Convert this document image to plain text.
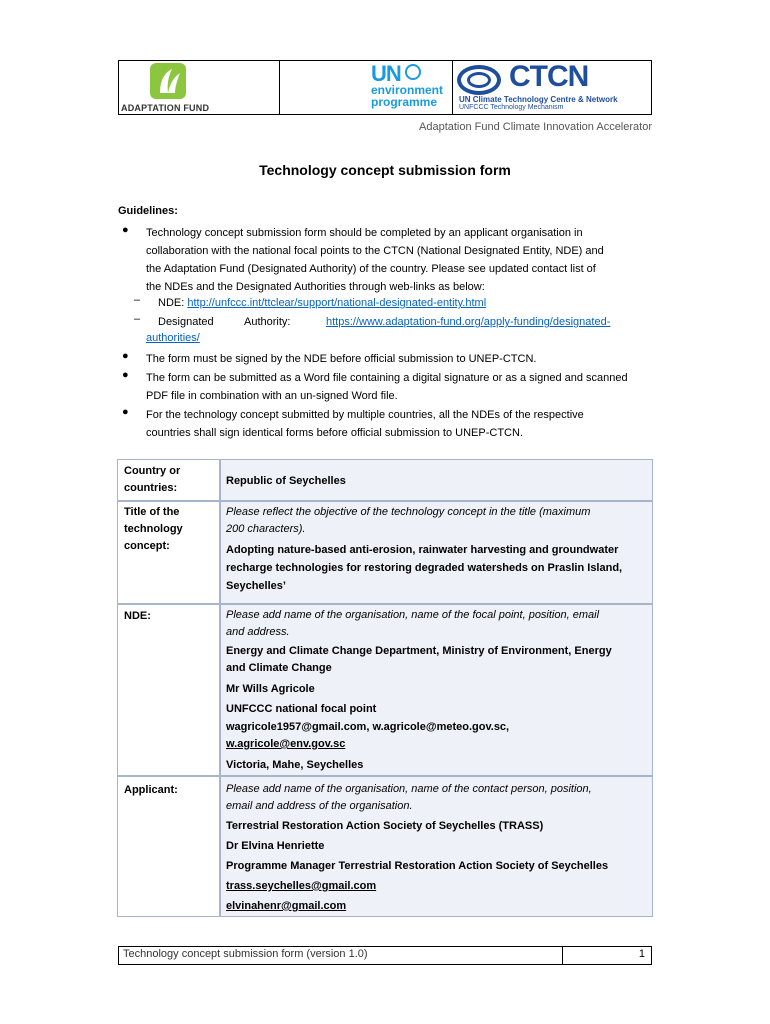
ADAPTATION FUND
UN
environment
programme
CTCN
UN Climate Technology Centre & Network
UNFCCC Technology Mechanism
Adaptation Fund Climate Innovation Accelerator
Technology concept submission form
Guidelines:
● Technology concept submission form should be completed by an applicant organisation in
collaboration with the national focal points to the CTCN (National Designated Entity, NDE) and
the Adaptation Fund (Designated Authority) of the country. Please see updated contact list of
the NDEs and the Designated Authorities through web-links as below:
– NDE: http://unfccc.int/ttclear/support/national-designated-entity.html
– Designated	Authority:	https://www.adaptation-fund.org/apply-funding/designated-
authorities/
● The form must be signed by the NDE before official submission to UNEP-CTCN.
● The form can be submitted as a Word file containing a digital signature or as a signed and scanned
PDF file in combination with an un-signed Word file.
● For the technology concept submitted by multiple countries, all the NDEs of the respective
countries shall sign identical forms before official submission to UNEP-CTCN.
Country or
countries:
Republic of Seychelles
Title of the
technology
concept:
Please reflect the objective of the technology concept in the title (maximum
200 characters).
Adopting nature-based anti-erosion, rainwater harvesting and groundwater
recharge technologies for restoring degraded watersheds on Praslin Island,
Seychelles’
NDE:	Please add name of the organisation, name of the focal point, position, email
and address.
Energy and Climate Change Department, Ministry of Environment, Energy
and Climate Change
Mr Wills Agricole
UNFCCC national focal point
wagricole1957@gmail.com, w.agricole@meteo.gov.sc,
w.agricole@env.gov.sc
Victoria, Mahe, Seychelles
Applicant:	Please add name of the organisation, name of the contact person, position,
email and address of the organisation.
Terrestrial Restoration Action Society of Seychelles (TRASS)
Dr Elvina Henriette
Programme Manager Terrestrial Restoration Action Society of Seychelles
trass.seychelles@gmail.com
elvinahenr@gmail.com
Technology concept submission form (version 1.0)	1
